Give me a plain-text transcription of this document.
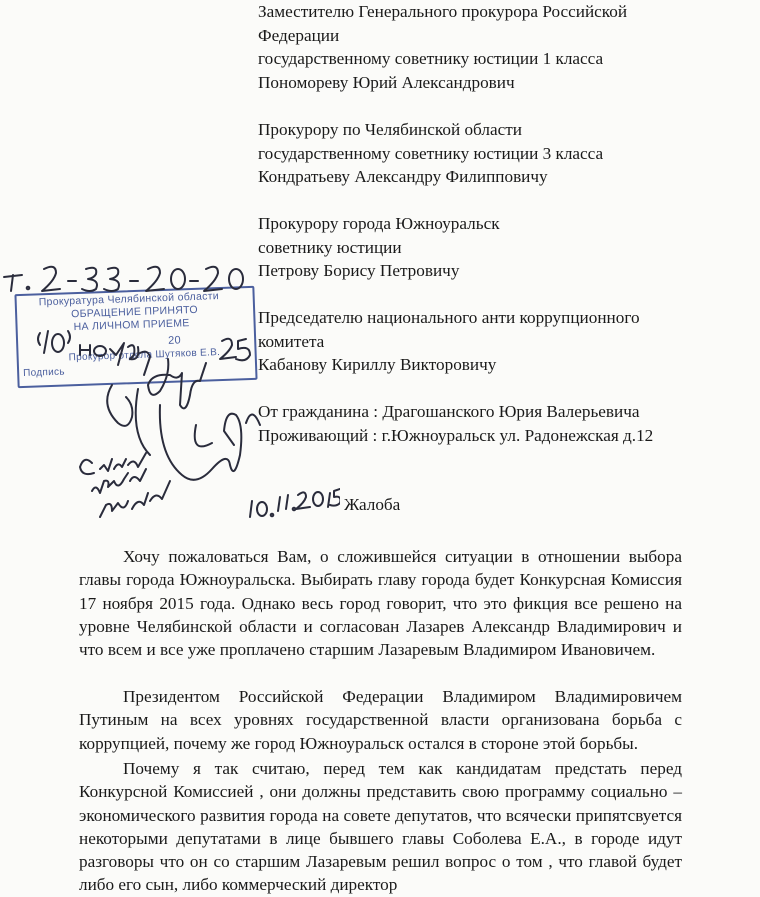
Заместителю Генерального прокурора Российской
Федерации
государственному советнику юстиции 1 класса
Пономореву Юрий Александрович
Прокурору по Челябинской области
государственному советнику юстиции 3 класса
Кондратьеву Александру Филипповичу
Прокурору города Южноуральск
советнику юстиции
Петрову Борису Петровичу
Председателю национального анти коррупционного
комитета
Кабанову Кириллу Викторовичу
От гражданина : Драгошанского Юрия Валерьевича
Проживающий : г.Южноуральск ул. Радонежская д.12
Прокуратура Челябинской области
ОБРАЩЕНИЕ ПРИНЯТО
НА ЛИЧНОМ ПРИЕМЕ
20
Прокурор отдела Шутяков Е.В.
Подпись
Жалоба

Хочу пожаловаться Вам, о сложившейся ситуации в отношении выбора главы города Южноуральска. Выбирать главу города будет Конкурсная Комиссия 17 ноября 2015 года. Однако весь город говорит, что это фикция все решено на уровне Челябинской области и согласован Лазарев Александр Владимирович и что всем и все уже проплачено старшим Лазаревым Владимиром Ивановичем.

Президентом Российской Федерации Владимиром Владимировичем Путиным на всех уровнях государственной власти организована борьба с коррупцией, почему же город Южноуральск остался в стороне этой борьбы.

Почему я так считаю, перед тем как кандидатам предстать перед Конкурсной Комиссией , они должны представить свою программу социально – экономического развития города на совете депутатов, что всячески припятсвуется некоторыми депутатами в лице бывшего главы Соболева Е.А., в городе идут разговоры что он со старшим Лазаревым решил вопрос о том , что главой будет либо его сын, либо коммерческий директор
